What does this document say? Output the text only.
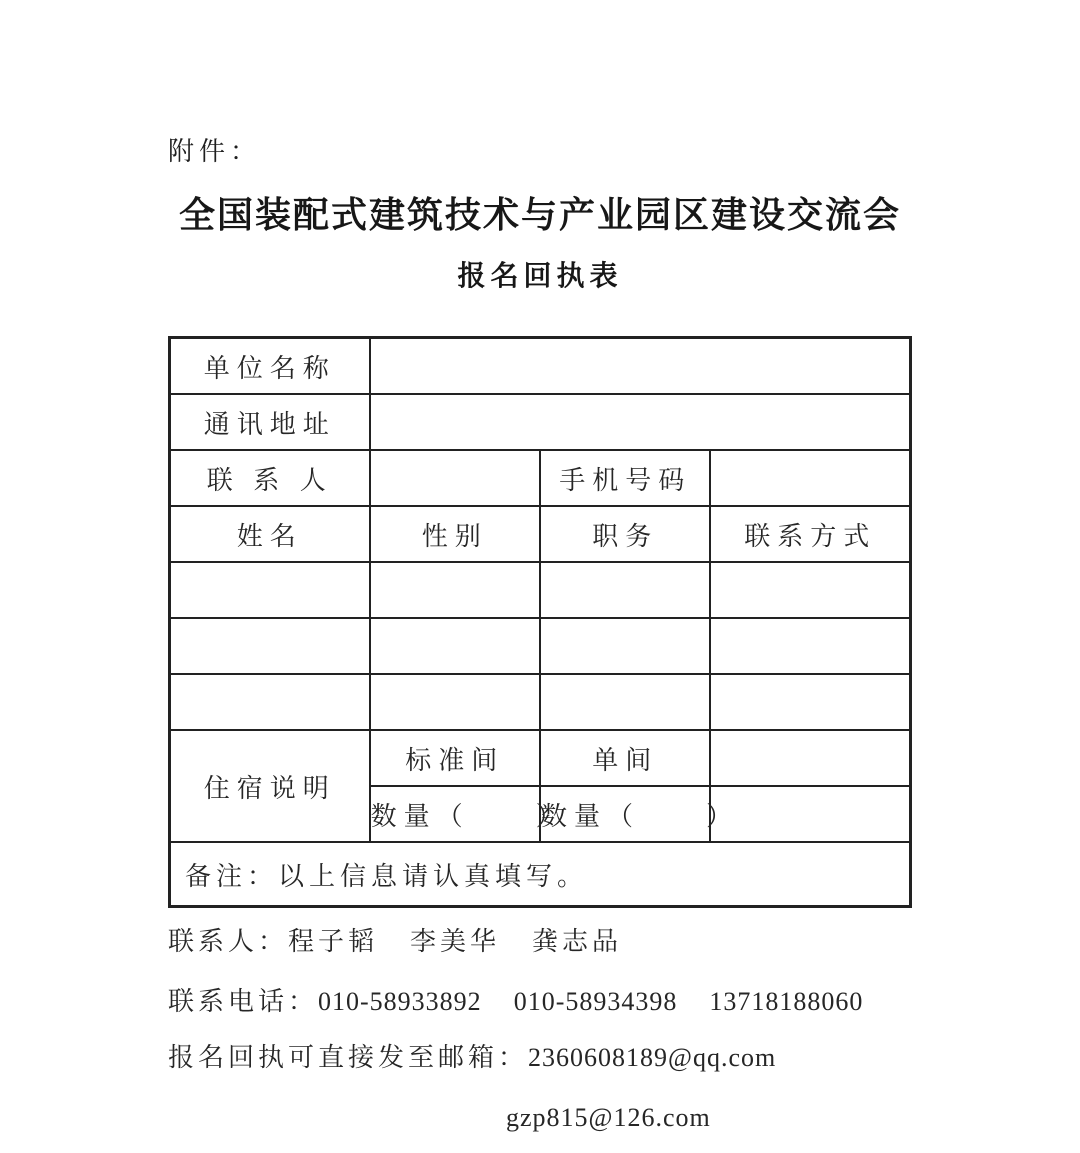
附件：
全国装配式建筑技术与产业园区建设交流会
报名回执表
单位名称			
通讯地址			
联 系 人		手机号码	
姓名	性别	职务	联系方式

住宿说明	标准间	单间	
	数量（　　）	数量（　　）	
备注：以上信息请认真填写。			

联系人：程子韬 李美华 龚志品

联系电话：010-58933892 010-58934398 13718188060

报名回执可直接发至邮箱：2360608189@qq.com

gzp815@126.com
